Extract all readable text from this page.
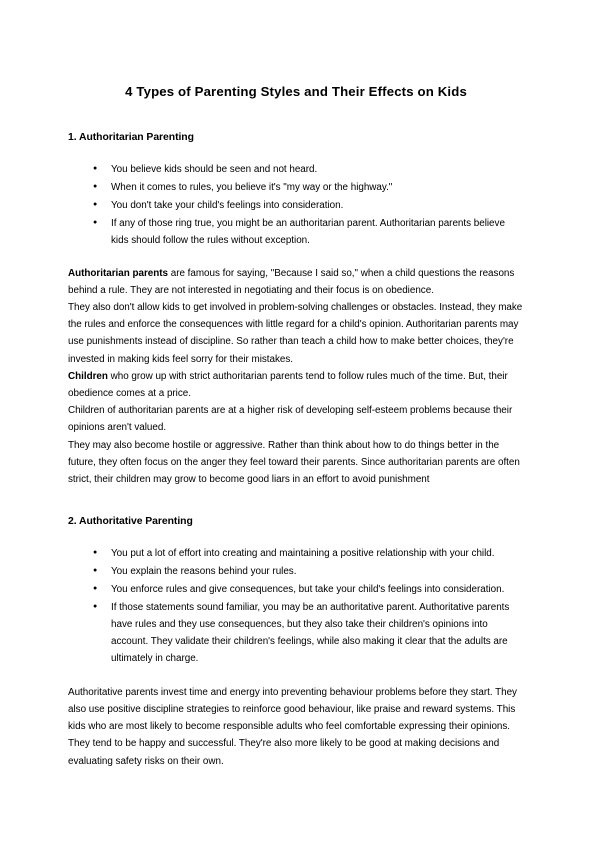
4 Types of Parenting Styles and Their Effects on Kids
1. Authoritarian Parenting
● You believe kids should be seen and not heard.
● When it comes to rules, you believe it's "my way or the highway."
● You don't take your child's feelings into consideration.
● If any of those ring true, you might be an authoritarian parent. Authoritarian parents believe kids should follow the rules without exception.

Authoritarian parents are famous for saying, "Because I said so," when a child questions the reasons behind a rule. They are not interested in negotiating and their focus is on obedience.

They also don't allow kids to get involved in problem-solving challenges or obstacles. Instead, they make the rules and enforce the consequences with little regard for a child's opinion. Authoritarian parents may use punishments instead of discipline. So rather than teach a child how to make better choices, they're invested in making kids feel sorry for their mistakes.

Children who grow up with strict authoritarian parents tend to follow rules much of the time. But, their obedience comes at a price.

Children of authoritarian parents are at a higher risk of developing self-esteem problems because their opinions aren't valued.

They may also become hostile or aggressive. Rather than think about how to do things better in the future, they often focus on the anger they feel toward their parents. Since authoritarian parents are often strict, their children may grow to become good liars in an effort to avoid punishment

2. Authoritative Parenting
● You put a lot of effort into creating and maintaining a positive relationship with your child.
● You explain the reasons behind your rules.
● You enforce rules and give consequences, but take your child's feelings into consideration.
● If those statements sound familiar, you may be an authoritative parent. Authoritative parents have rules and they use consequences, but they also take their children's opinions into account. They validate their children's feelings, while also making it clear that the adults are ultimately in charge.

Authoritative parents invest time and energy into preventing behaviour problems before they start. They also use positive discipline strategies to reinforce good behaviour, like praise and reward systems. This kids who are most likely to become responsible adults who feel comfortable expressing their opinions. They tend to be happy and successful. They're also more likely to be good at making decisions and evaluating safety risks on their own.
